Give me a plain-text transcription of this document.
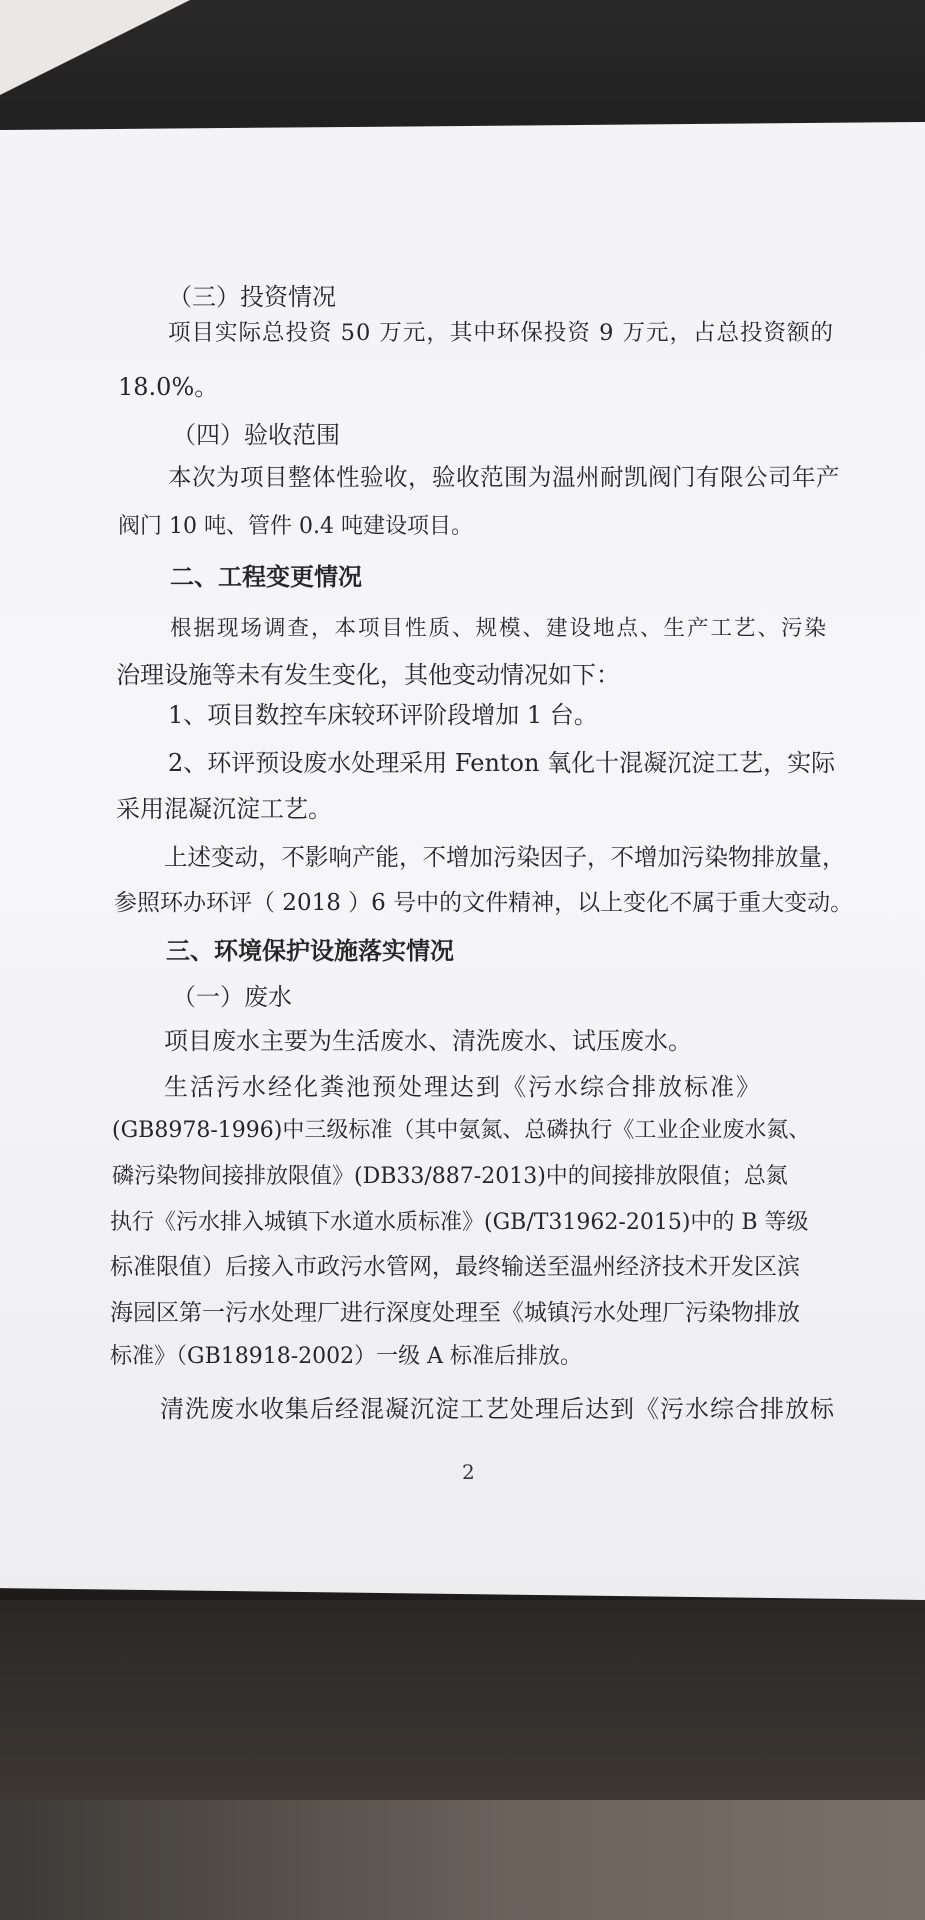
（三）投资情况
项目实际总投资 50 万元，其中环保投资 9 万元，占总投资额的
18.0%。
（四）验收范围
本次为项目整体性验收，验收范围为温州耐凯阀门有限公司年产
阀门 10 吨、管件 0.4 吨建设项目。
二、工程变更情况
根据现场调查，本项目性质、规模、建设地点、生产工艺、污染
治理设施等未有发生变化，其他变动情况如下：
1、项目数控车床较环评阶段增加 1 台。
2、环评预设废水处理采用 Fenton 氧化十混凝沉淀工艺，实际
采用混凝沉淀工艺。
上述变动，不影响产能，不增加污染因子，不增加污染物排放量，
参照环办环评（ 2018 ）6 号中的文件精神，以上变化不属于重大变动。
三、环境保护设施落实情况
（一）废水
项目废水主要为生活废水、清洗废水、试压废水。
生活污水经化粪池预处理达到《污水综合排放标准》
(GB8978-1996)中三级标准（其中氨氮、总磷执行《工业企业废水氮、
磷污染物间接排放限值》(DB33/887-2013)中的间接排放限值；总氮
执行《污水排入城镇下水道水质标准》(GB/T31962-2015)中的 B 等级
标准限值）后接入市政污水管网，最终输送至温州经济技术开发区滨
海园区第一污水处理厂进行深度处理至《城镇污水处理厂污染物排放
标准》（GB18918-2002）一级 A 标准后排放。
清洗废水收集后经混凝沉淀工艺处理后达到《污水综合排放标
2
